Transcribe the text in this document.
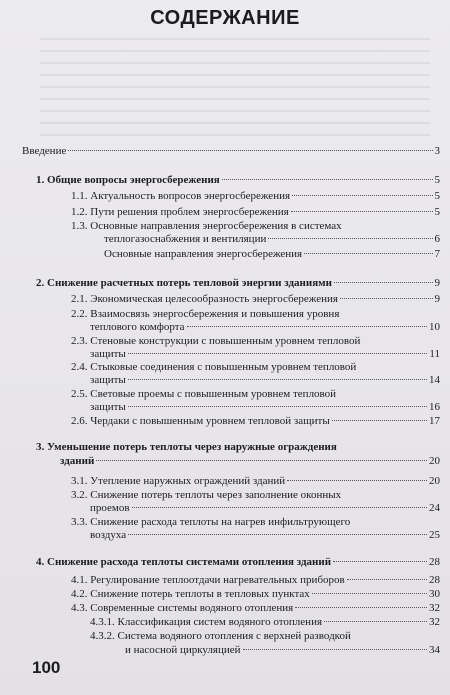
СОДЕРЖАНИЕ
Введение	3
1. Общие вопросы энергосбережения	5
1.1. Актуальность вопросов энергосбережения	5
1.2. Пути решения проблем энергосбережения	5
1.3. Основные направления энергосбережения в системах
теплогазоснабжения и вентиляции	6
Основные направления энергосбережения	7
2. Снижение расчетных потерь тепловой энергии зданиями	9
2.1. Экономическая целесообразность энергосбережения	9
2.2. Взаимосвязь энергосбережения и повышения уровня
теплового комфорта	10
2.3. Стеновые конструкции с повышенным уровнем тепловой
защиты	11
2.4. Стыковые соединения с повышенным уровнем тепловой
защиты	14
2.5. Световые проемы с повышенным уровнем тепловой
защиты	16
2.6. Чердаки с повышенным уровнем тепловой защиты	17
3. Уменьшение потерь теплоты через наружные ограждения
зданий	20
3.1. Утепление наружных ограждений зданий	20
3.2. Снижение потерь теплоты через заполнение оконных
проемов	24
3.3. Снижение расхода теплоты на нагрев инфильтрующего
воздуха	25
4. Снижение расхода теплоты системами отопления зданий	28
4.1. Регулирование теплоотдачи нагревательных приборов	28
4.2. Снижение потерь теплоты в тепловых пунктах	30
4.3. Современные системы водяного отопления	32
4.3.1. Классификация систем водяного отопления	32
4.3.2. Система водяного отопления с верхней разводкой
и насосной циркуляцией	34
100
